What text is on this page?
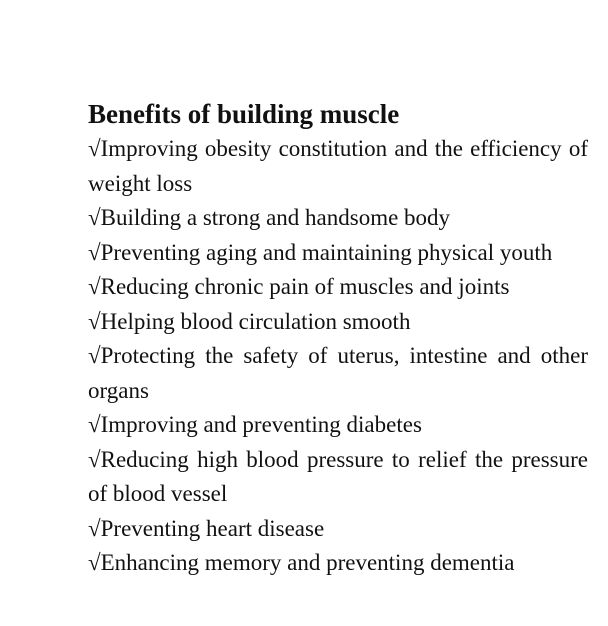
Benefits of building muscle
√Improving obesity constitution and the efficiency of weight loss
√Building a strong and handsome body
√Preventing aging and maintaining physical youth
√Reducing chronic pain of muscles and joints
√Helping blood circulation smooth
√Protecting the safety of uterus, intestine and other organs
√Improving and preventing diabetes
√Reducing high blood pressure to relief the pressure of blood vessel
√Preventing heart disease
√Enhancing memory and preventing dementia
